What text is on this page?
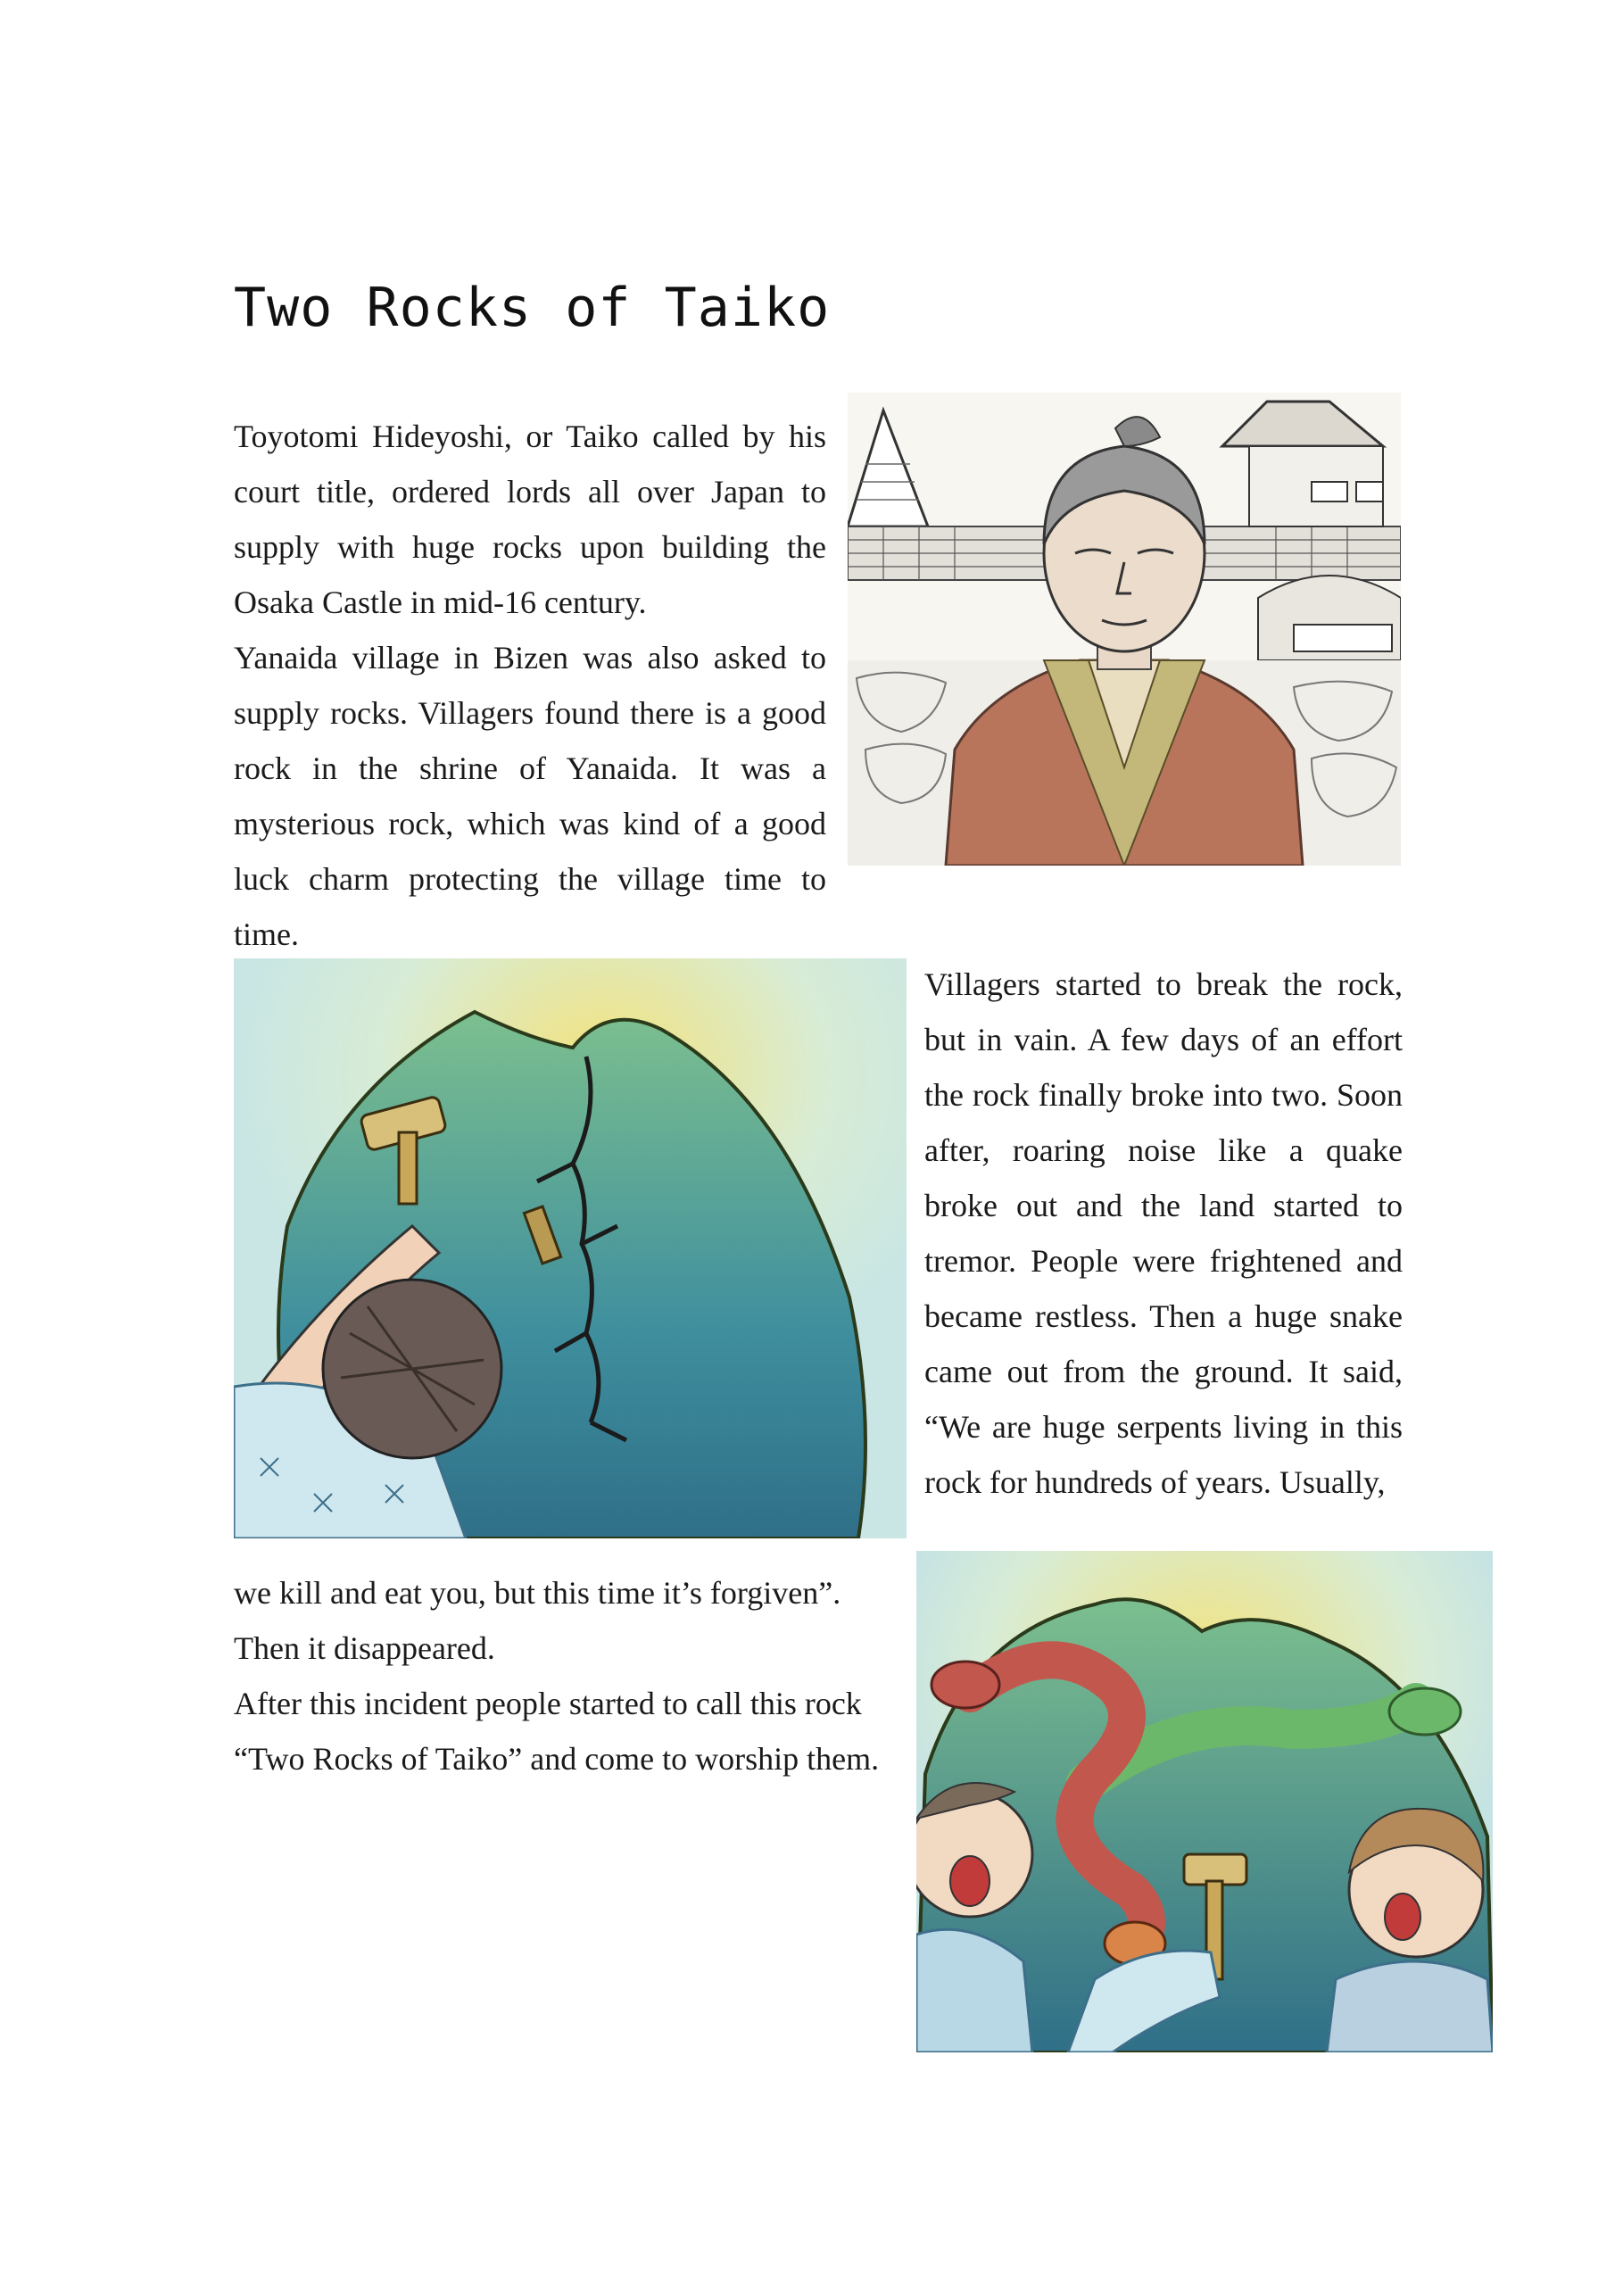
Two Rocks of Taiko

Toyotomi Hideyoshi, or Taiko called by his court title, ordered lords all over Japan to supply with huge rocks upon building the Osaka Castle in mid-16 century.

Yanaida village in Bizen was also asked to supply rocks. Villagers found there is a good rock in the shrine of Yanaida. It was a mysterious rock, which was kind of a good luck charm protecting the village time to time.

Villagers started to break the rock, but in vain. A few days of an effort the rock finally broke into two. Soon after, roaring noise like a quake broke out and the land started to tremor. People were frightened and became restless. Then a huge snake came out from the ground. It said, “We are huge serpents living in this rock for hundreds of years. Usually,

we kill and eat you, but this time it’s forgiven”.

Then it disappeared.

After this incident people started to call this rock

“Two Rocks of Taiko” and come to worship them.
